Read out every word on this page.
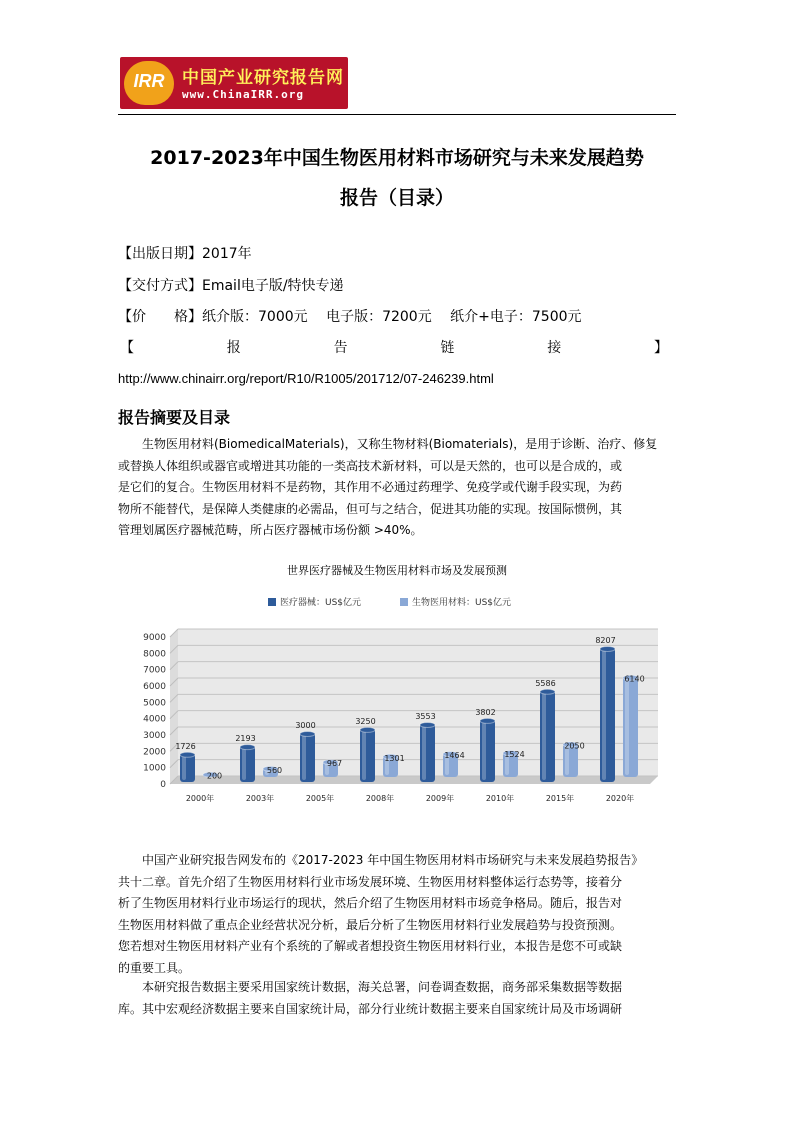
IRR	中国产业研究报告网
www.ChinaIRR.org
2017-2023年中国生物医用材料市场研究与未来发展趋势
报告（目录）
【出版日期】2017年
【交付方式】Email电子版/特快专递
【价　　格】纸介版：7000元　 电子版：7200元　 纸介+电子：7500元
【	报	告	链	接	】
http://www.chinairr.org/report/R10/R1005/201712/07-246239.html
报告摘要及目录

生物医用材料(BiomedicalMaterials)，又称生物材料(Biomaterials)，是用于诊断、治疗、修复

或替换人体组织或器官或增进其功能的一类高技术新材料，可以是天然的，也可以是合成的，或

是它们的复合。生物医用材料不是药物，其作用不必通过药理学、免疫学或代谢手段实现，为药

物所不能替代，是保障人类健康的必需品，但可与之结合，促进其功能的实现。按国际惯例，其

管理划属医疗器械范畴，所占医疗器械市场份额 >40%。

世界医疗器械及生物医用材料市场及发展预测
0
1000
2000
3000
4000
5000
6000
7000
8000
9000
医疗器械：US$亿元	生物医用材料：US$亿元
1726
200
2000年
2193
560
2003年
3000
967
2005年
3250
1301
2008年
3553
1464
2009年
3802
1524
2010年
5586
2050
2015年
8207
6140
2020年

中国产业研究报告网发布的《2017-2023 年中国生物医用材料市场研究与未来发展趋势报告》

共十二章。首先介绍了生物医用材料行业市场发展环境、生物医用材料整体运行态势等，接着分

析了生物医用材料行业市场运行的现状，然后介绍了生物医用材料市场竞争格局。随后，报告对

生物医用材料做了重点企业经营状况分析，最后分析了生物医用材料行业发展趋势与投资预测。

您若想对生物医用材料产业有个系统的了解或者想投资生物医用材料行业，本报告是您不可或缺

的重要工具。

本研究报告数据主要采用国家统计数据，海关总署，问卷调查数据，商务部采集数据等数据

库。其中宏观经济数据主要来自国家统计局，部分行业统计数据主要来自国家统计局及市场调研
